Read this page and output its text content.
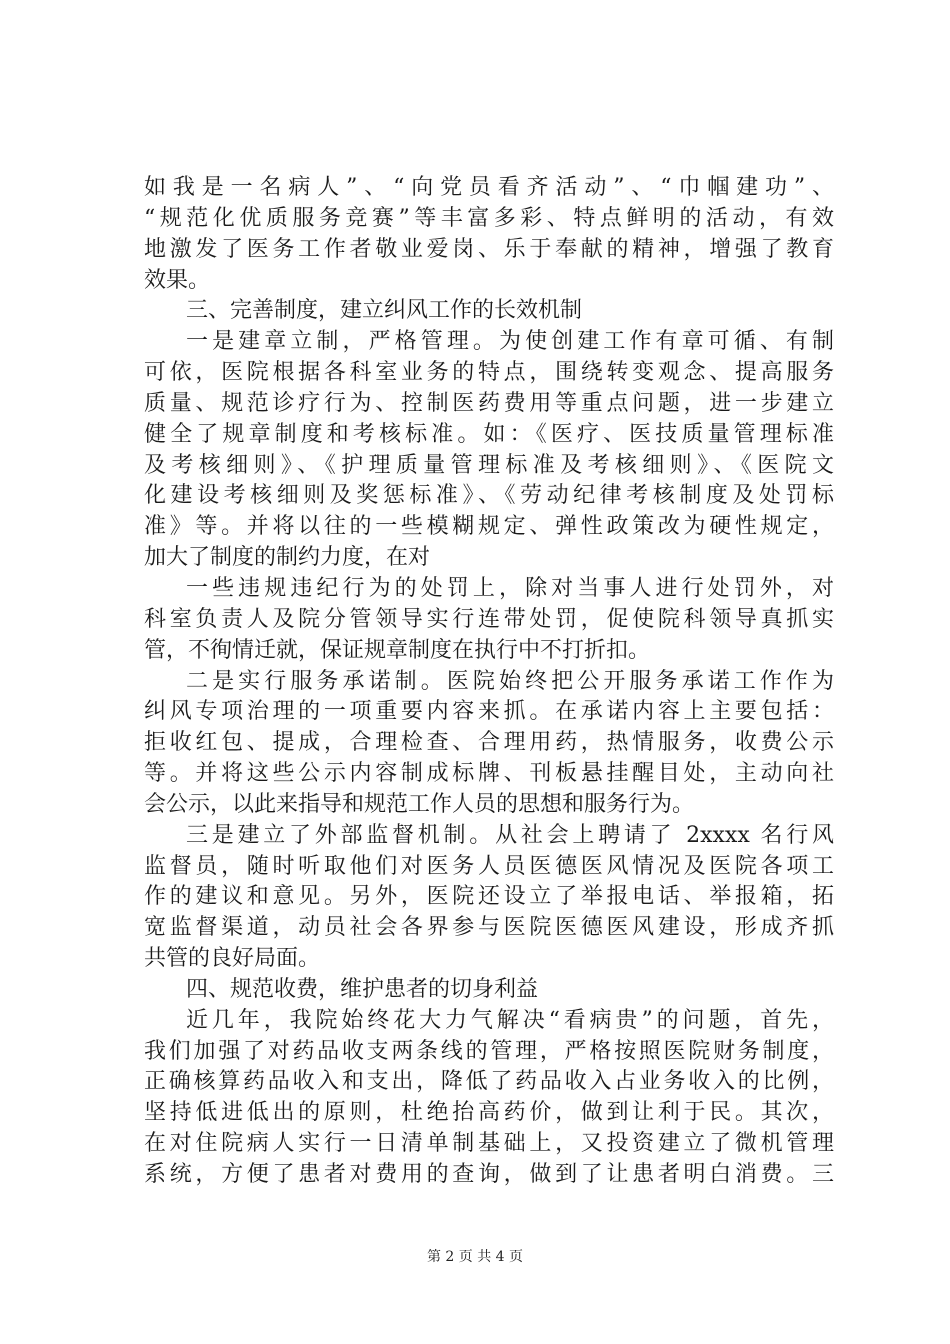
如我是一名病人”、“向党员看齐活动”、“巾帼建功”、
“规范化优质服务竞赛”等丰富多彩、特点鲜明的活动，有效
地激发了医务工作者敬业爱岗、乐于奉献的精神，增强了教育
效果。
三、完善制度，建立纠风工作的长效机制
一是建章立制，严格管理。为使创建工作有章可循、有制
可依，医院根据各科室业务的特点，围绕转变观念、提高服务
质量、规范诊疗行为、控制医药费用等重点问题，进一步建立
健全了规章制度和考核标准。如：《医疗、医技质量管理标准
及考核细则》、《护理质量管理标准及考核细则》、《医院文
化建设考核细则及奖惩标准》、《劳动纪律考核制度及处罚标
准》等。并将以往的一些模糊规定、弹性政策改为硬性规定，
加大了制度的制约力度，在对
一些违规违纪行为的处罚上，除对当事人进行处罚外，对
科室负责人及院分管领导实行连带处罚，促使院科领导真抓实
管，不徇情迁就，保证规章制度在执行中不打折扣。
二是实行服务承诺制。医院始终把公开服务承诺工作作为
纠风专项治理的一项重要内容来抓。在承诺内容上主要包括：
拒收红包、提成，合理检查、合理用药，热情服务，收费公示
等。并将这些公示内容制成标牌、刊板悬挂醒目处，主动向社
会公示，以此来指导和规范工作人员的思想和服务行为。
三是建立了外部监督机制。从社会上聘请了 2xxxx 名行风
监督员，随时听取他们对医务人员医德医风情况及医院各项工
作的建议和意见。另外，医院还设立了举报电话、举报箱，拓
宽监督渠道，动员社会各界参与医院医德医风建设，形成齐抓
共管的良好局面。
四、规范收费，维护患者的切身利益
近几年，我院始终花大力气解决“看病贵”的问题，首先，
我们加强了对药品收支两条线的管理，严格按照医院财务制度，
正确核算药品收入和支出，降低了药品收入占业务收入的比例，
坚持低进低出的原则，杜绝抬高药价，做到让利于民。其次，
在对住院病人实行一日清单制基础上，又投资建立了微机管理
系统，方便了患者对费用的查询，做到了让患者明白消费。三
第 2 页 共 4 页
